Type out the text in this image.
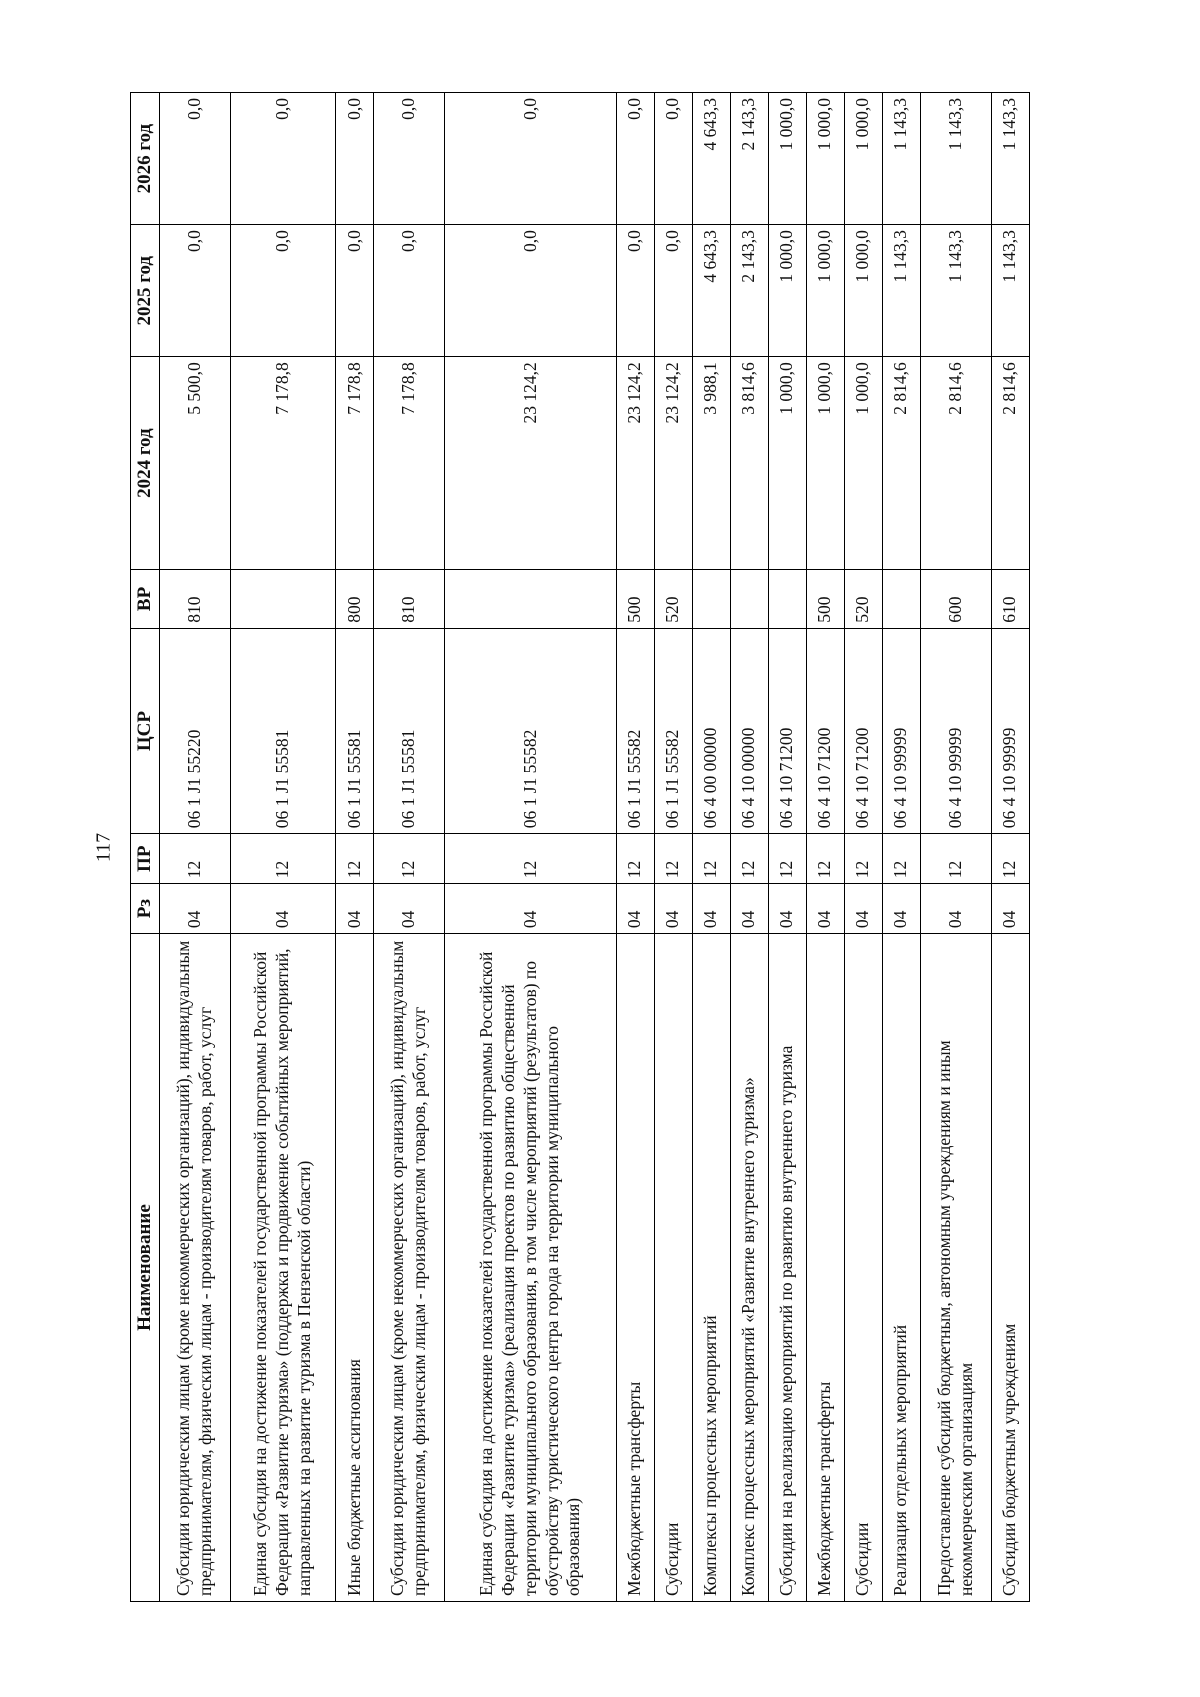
117
Наименование	Рз	ПР	ЦСР	ВР	2024 год	2025 год	2026 год
Субсидии юридическим лицам (кроме некоммерческих организаций), индивидуальным предпринимателям, физическим лицам - производителям товаров, работ, услуг	04	12	06 1 J1 55220	810	5 500,0	0,0	0,0
Единая субсидия на достижение показателей государственной программы Российской Федерации «Развитие туризма» (поддержка и продвижение событийных мероприятий, направленных на развитие туризма в Пензенской области)	04	12	06 1 J1 55581		7 178,8	0,0	0,0
Иные бюджетные ассигнования	04	12	06 1 J1 55581	800	7 178,8	0,0	0,0
Субсидии юридическим лицам (кроме некоммерческих организаций), индивидуальным предпринимателям, физическим лицам - производителям товаров, работ, услуг	04	12	06 1 J1 55581	810	7 178,8	0,0	0,0
Единая субсидия на достижение показателей государственной программы Российской Федерации «Развитие туризма» (реализация проектов по развитию общественной территории муниципального образования, в том числе мероприятий (результатов) по обустройству туристического центра города на территории муниципального образования)	04	12	06 1 J1 55582		23 124,2	0,0	0,0
Межбюджетные трансферты	04	12	06 1 J1 55582	500	23 124,2	0,0	0,0
Субсидии	04	12	06 1 J1 55582	520	23 124,2	0,0	0,0
Комплексы процессных мероприятий	04	12	06 4 00 00000		3 988,1	4 643,3	4 643,3
Комплекс процессных мероприятий «Развитие внутреннего туризма»	04	12	06 4 10 00000		3 814,6	2 143,3	2 143,3
Субсидии на реализацию мероприятий по развитию внутреннего туризма	04	12	06 4 10 71200		1 000,0	1 000,0	1 000,0
Межбюджетные трансферты	04	12	06 4 10 71200	500	1 000,0	1 000,0	1 000,0
Субсидии	04	12	06 4 10 71200	520	1 000,0	1 000,0	1 000,0
Реализация отдельных мероприятий	04	12	06 4 10 99999		2 814,6	1 143,3	1 143,3
Предоставление субсидий бюджетным, автономным учреждениям и иным некоммерческим организациям	04	12	06 4 10 99999	600	2 814,6	1 143,3	1 143,3
Субсидии бюджетным учреждениям	04	12	06 4 10 99999	610	2 814,6	1 143,3	1 143,3
